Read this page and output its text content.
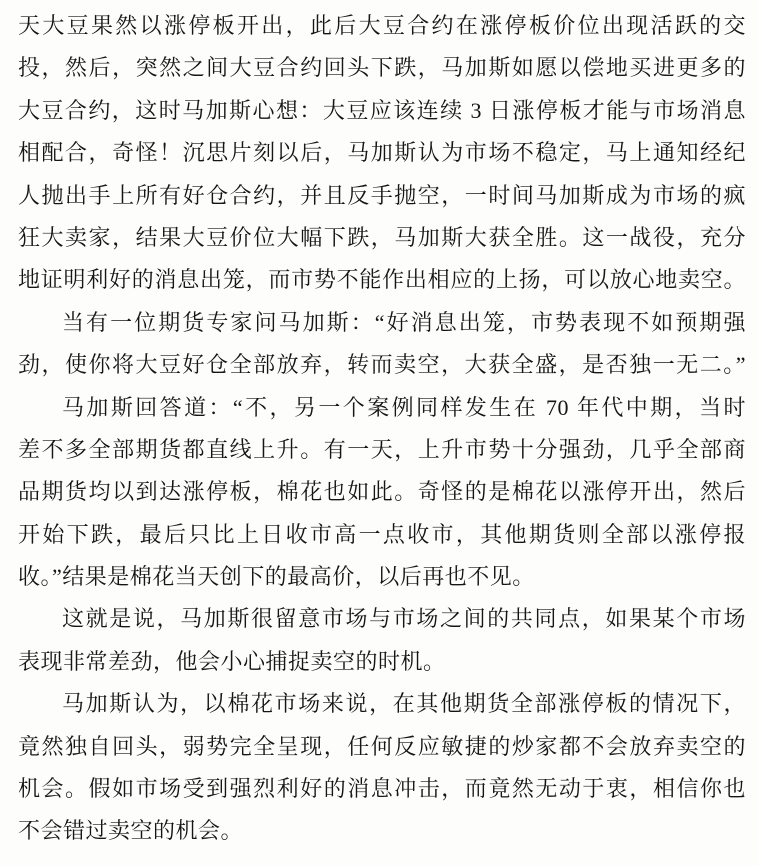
天大豆果然以涨停板开出，此后大豆合约在涨停板价位出现活跃的交
投，然后，突然之间大豆合约回头下跌，马加斯如愿以偿地买进更多的
大豆合约，这时马加斯心想：大豆应该连续 3 日涨停板才能与市场消息
相配合，奇怪！沉思片刻以后，马加斯认为市场不稳定，马上通知经纪
人抛出手上所有好仓合约，并且反手抛空，一时间马加斯成为市场的疯
狂大卖家，结果大豆价位大幅下跌，马加斯大获全胜。这一战役，充分
地证明利好的消息出笼，而市势不能作出相应的上扬，可以放心地卖空。
当有一位期货专家问马加斯：“好消息出笼，市势表现不如预期强
劲，使你将大豆好仓全部放弃，转而卖空，大获全盛，是否独一无二。”
马加斯回答道：“不，另一个案例同样发生在 70 年代中期，当时
差不多全部期货都直线上升。有一天，上升市势十分强劲，几乎全部商
品期货均以到达涨停板，棉花也如此。奇怪的是棉花以涨停开出，然后
开始下跌，最后只比上日收市高一点收市，其他期货则全部以涨停报
收。”结果是棉花当天创下的最高价，以后再也不见。
这就是说，马加斯很留意市场与市场之间的共同点，如果某个市场
表现非常差劲，他会小心捕捉卖空的时机。
马加斯认为，以棉花市场来说，在其他期货全部涨停板的情况下，
竟然独自回头，弱势完全呈现，任何反应敏捷的炒家都不会放弃卖空的
机会。假如市场受到强烈利好的消息冲击，而竟然无动于衷，相信你也
不会错过卖空的机会。
